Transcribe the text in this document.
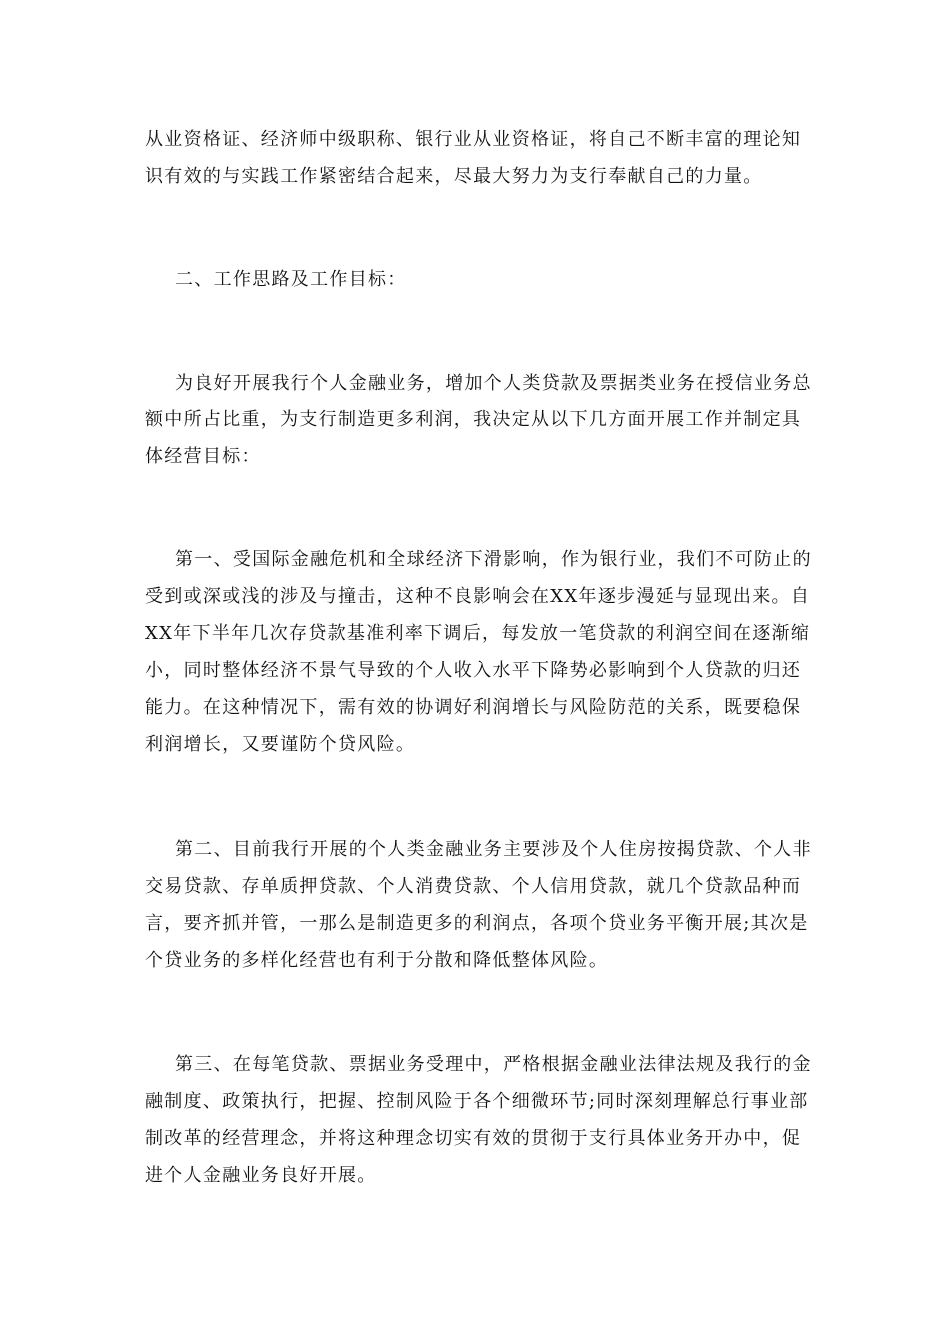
从业资格证、经济师中级职称、银行业从业资格证，将自己不断丰富的理论知
识有效的与实践工作紧密结合起来，尽最大努力为支行奉献自己的力量。
二、工作思路及工作目标：
为良好开展我行个人金融业务，增加个人类贷款及票据类业务在授信业务总
额中所占比重，为支行制造更多利润，我决定从以下几方面开展工作并制定具
体经营目标：
第一、受国际金融危机和全球经济下滑影响，作为银行业，我们不可防止的
受到或深或浅的涉及与撞击，这种不良影响会在XX年逐步漫延与显现出来。自
XX年下半年几次存贷款基准利率下调后，每发放一笔贷款的利润空间在逐渐缩
小，同时整体经济不景气导致的个人收入水平下降势必影响到个人贷款的归还
能力。在这种情况下，需有效的协调好利润增长与风险防范的关系，既要稳保
利润增长，又要谨防个贷风险。
第二、目前我行开展的个人类金融业务主要涉及个人住房按揭贷款、个人非
交易贷款、存单质押贷款、个人消费贷款、个人信用贷款，就几个贷款品种而
言，要齐抓并管，一那么是制造更多的利润点，各项个贷业务平衡开展;其次是
个贷业务的多样化经营也有利于分散和降低整体风险。
第三、在每笔贷款、票据业务受理中，严格根据金融业法律法规及我行的金
融制度、政策执行，把握、控制风险于各个细微环节;同时深刻理解总行事业部
制改革的经营理念，并将这种理念切实有效的贯彻于支行具体业务开办中，促
进个人金融业务良好开展。
